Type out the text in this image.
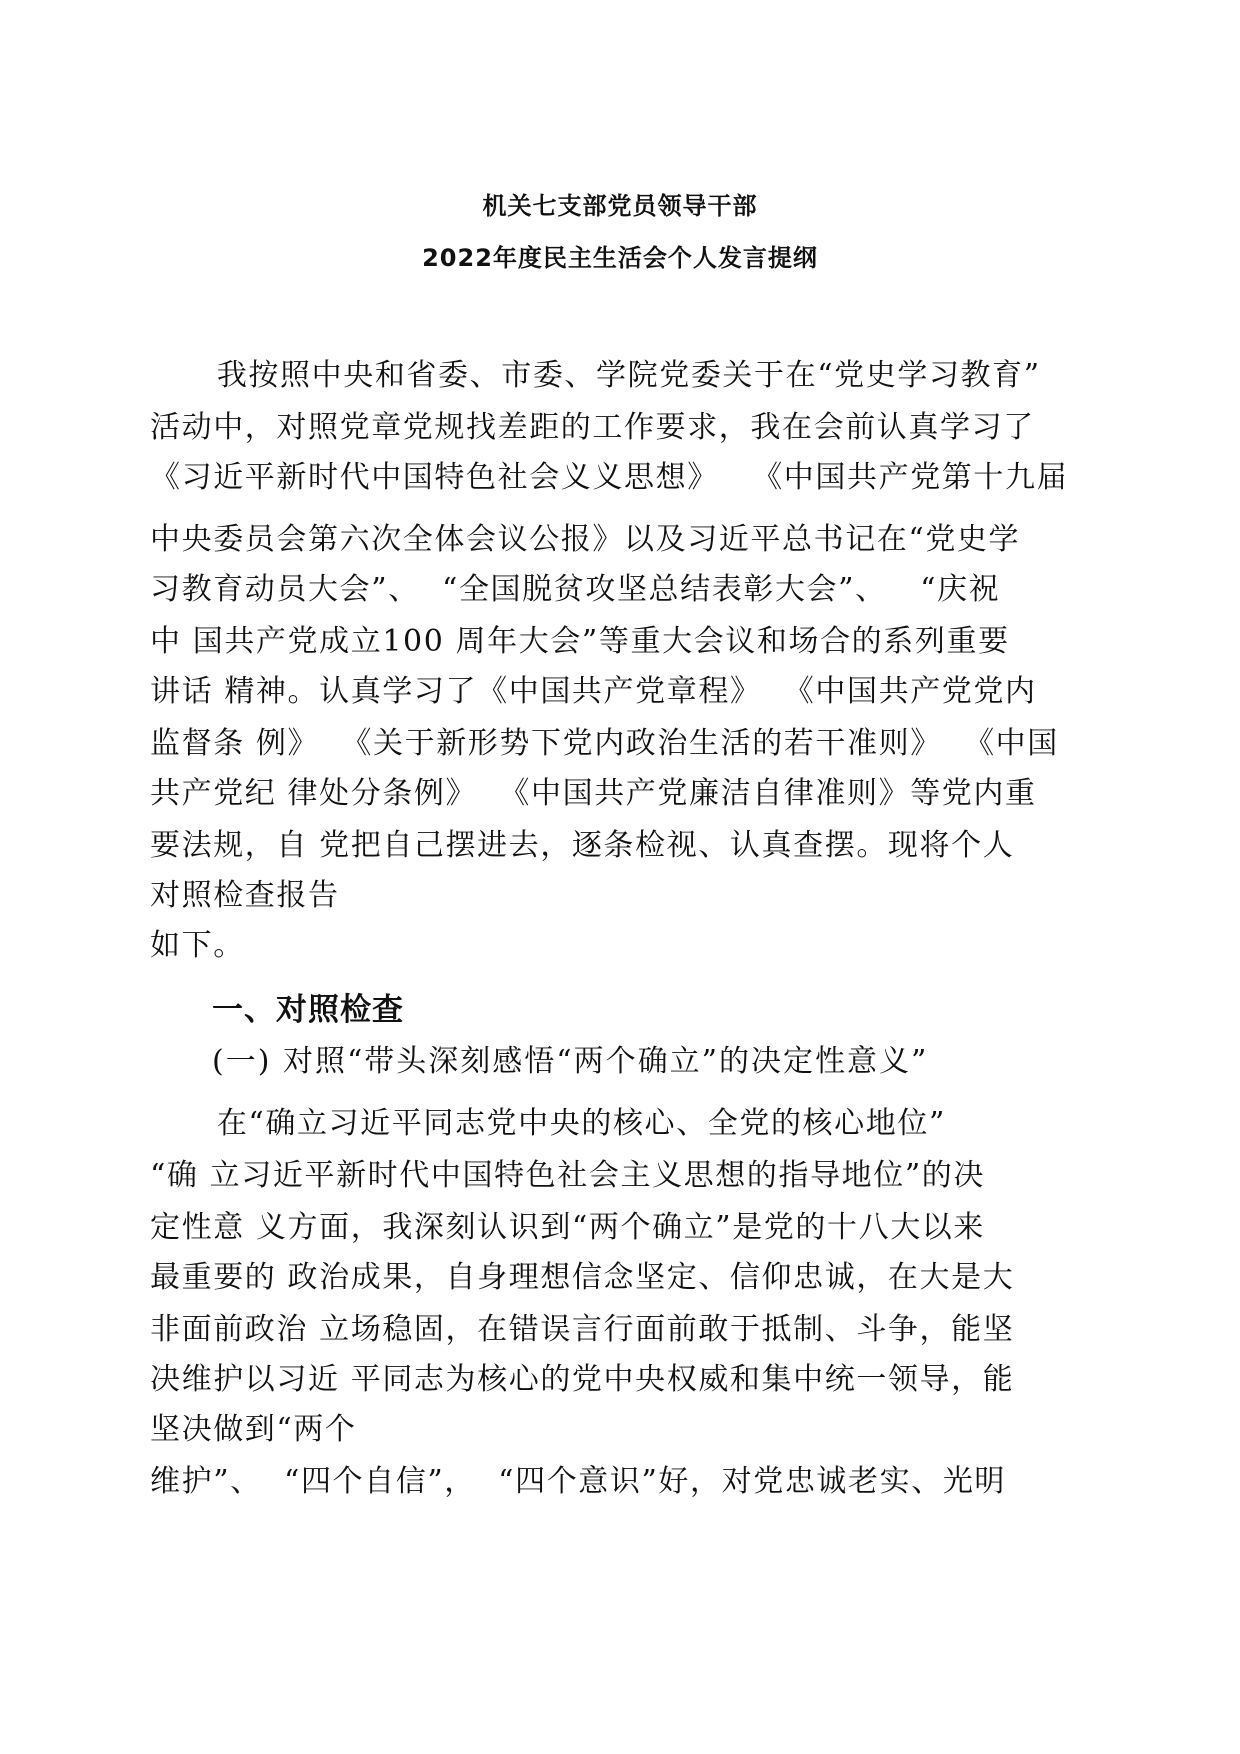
机关七支部党员领导干部
2022年度民主生活会个人发言提纲
我按照中央和省委、市委、学院党委关于在“党史学习教育”
活动中，对照党章党规找差距的工作要求，我在会前认真学习了
《习近平新时代中国特色社会义义思想》   《中国共产党第十九届
中央委员会第六次全体会议公报》以及习近平总书记在“党史学
习教育动员大会”、  “全国脱贫攻坚总结表彰大会”、   “庆祝
中 国共产党成立100 周年大会”等重大会议和场合的系列重要
讲话 精神。认真学习了《中国共产党章程》  《中国共产党党内
监督条 例》  《关于新形势下党内政治生活的若干准则》  《中国
共产党纪 律处分条例》  《中国共产党廉洁自律准则》等党内重
要法规，自 党把自己摆进去，逐条检视、认真查摆。现将个人
对照检查报告
如下。
一、对照检查
(一) 对照“带头深刻感悟“两个确立”的决定性意义”
在“确立习近平同志党中央的核心、全党的核心地位”
“确 立习近平新时代中国特色社会主义思想的指导地位”的决
定性意 义方面，我深刻认识到“两个确立”是党的十八大以来
最重要的 政治成果，自身理想信念坚定、信仰忠诚，在大是大
非面前政治 立场稳固，在错误言行面前敢于抵制、斗争，能坚
决维护以习近 平同志为核心的党中央权威和集中统一领导，能
坚决做到“两个
维护”、  “四个自信”，  “四个意识”好，对党忠诚老实、光明
